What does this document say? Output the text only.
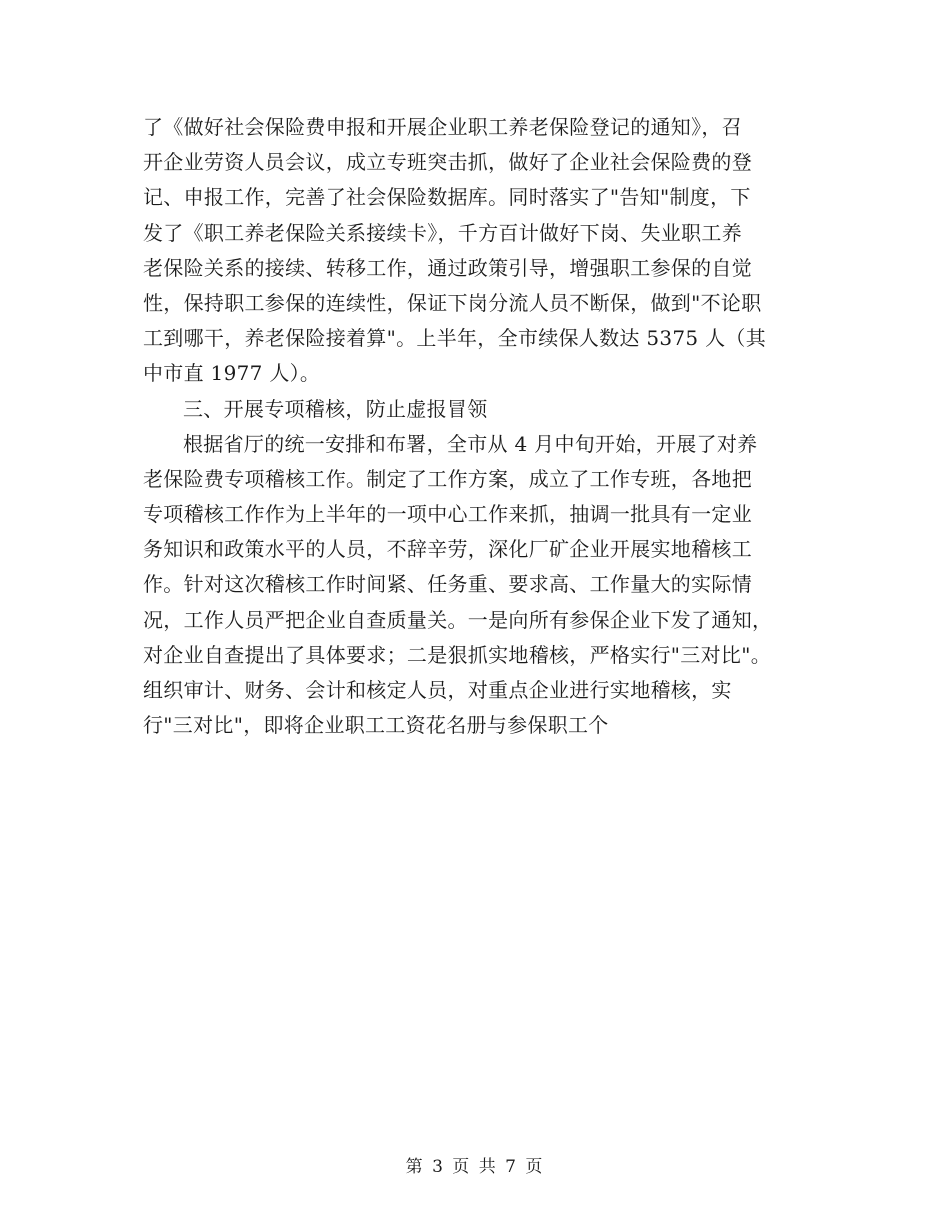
了《做好社会保险费申报和开展企业职工养老保险登记的通知》，召
开企业劳资人员会议，成立专班突击抓，做好了企业社会保险费的登
记、申报工作，完善了社会保险数据库。同时落实了"告知"制度，下
发了《职工养老保险关系接续卡》，千方百计做好下岗、失业职工养
老保险关系的接续、转移工作，通过政策引导，增强职工参保的自觉
性，保持职工参保的连续性，保证下岗分流人员不断保，做到"不论职
工到哪干，养老保险接着算"。上半年，全市续保人数达 5375 人（其
中市直 1977 人）。
三、开展专项稽核，防止虚报冒领
根据省厅的统一安排和布署，全市从 4 月中旬开始，开展了对养
老保险费专项稽核工作。制定了工作方案，成立了工作专班，各地把
专项稽核工作作为上半年的一项中心工作来抓，抽调一批具有一定业
务知识和政策水平的人员，不辞辛劳，深化厂矿企业开展实地稽核工
作。针对这次稽核工作时间紧、任务重、要求高、工作量大的实际情
况，工作人员严把企业自查质量关。一是向所有参保企业下发了通知，
对企业自查提出了具体要求；二是狠抓实地稽核，严格实行"三对比"。
组织审计、财务、会计和核定人员，对重点企业进行实地稽核，实
行"三对比"，即将企业职工工资花名册与参保职工个
第 3 页 共 7 页
